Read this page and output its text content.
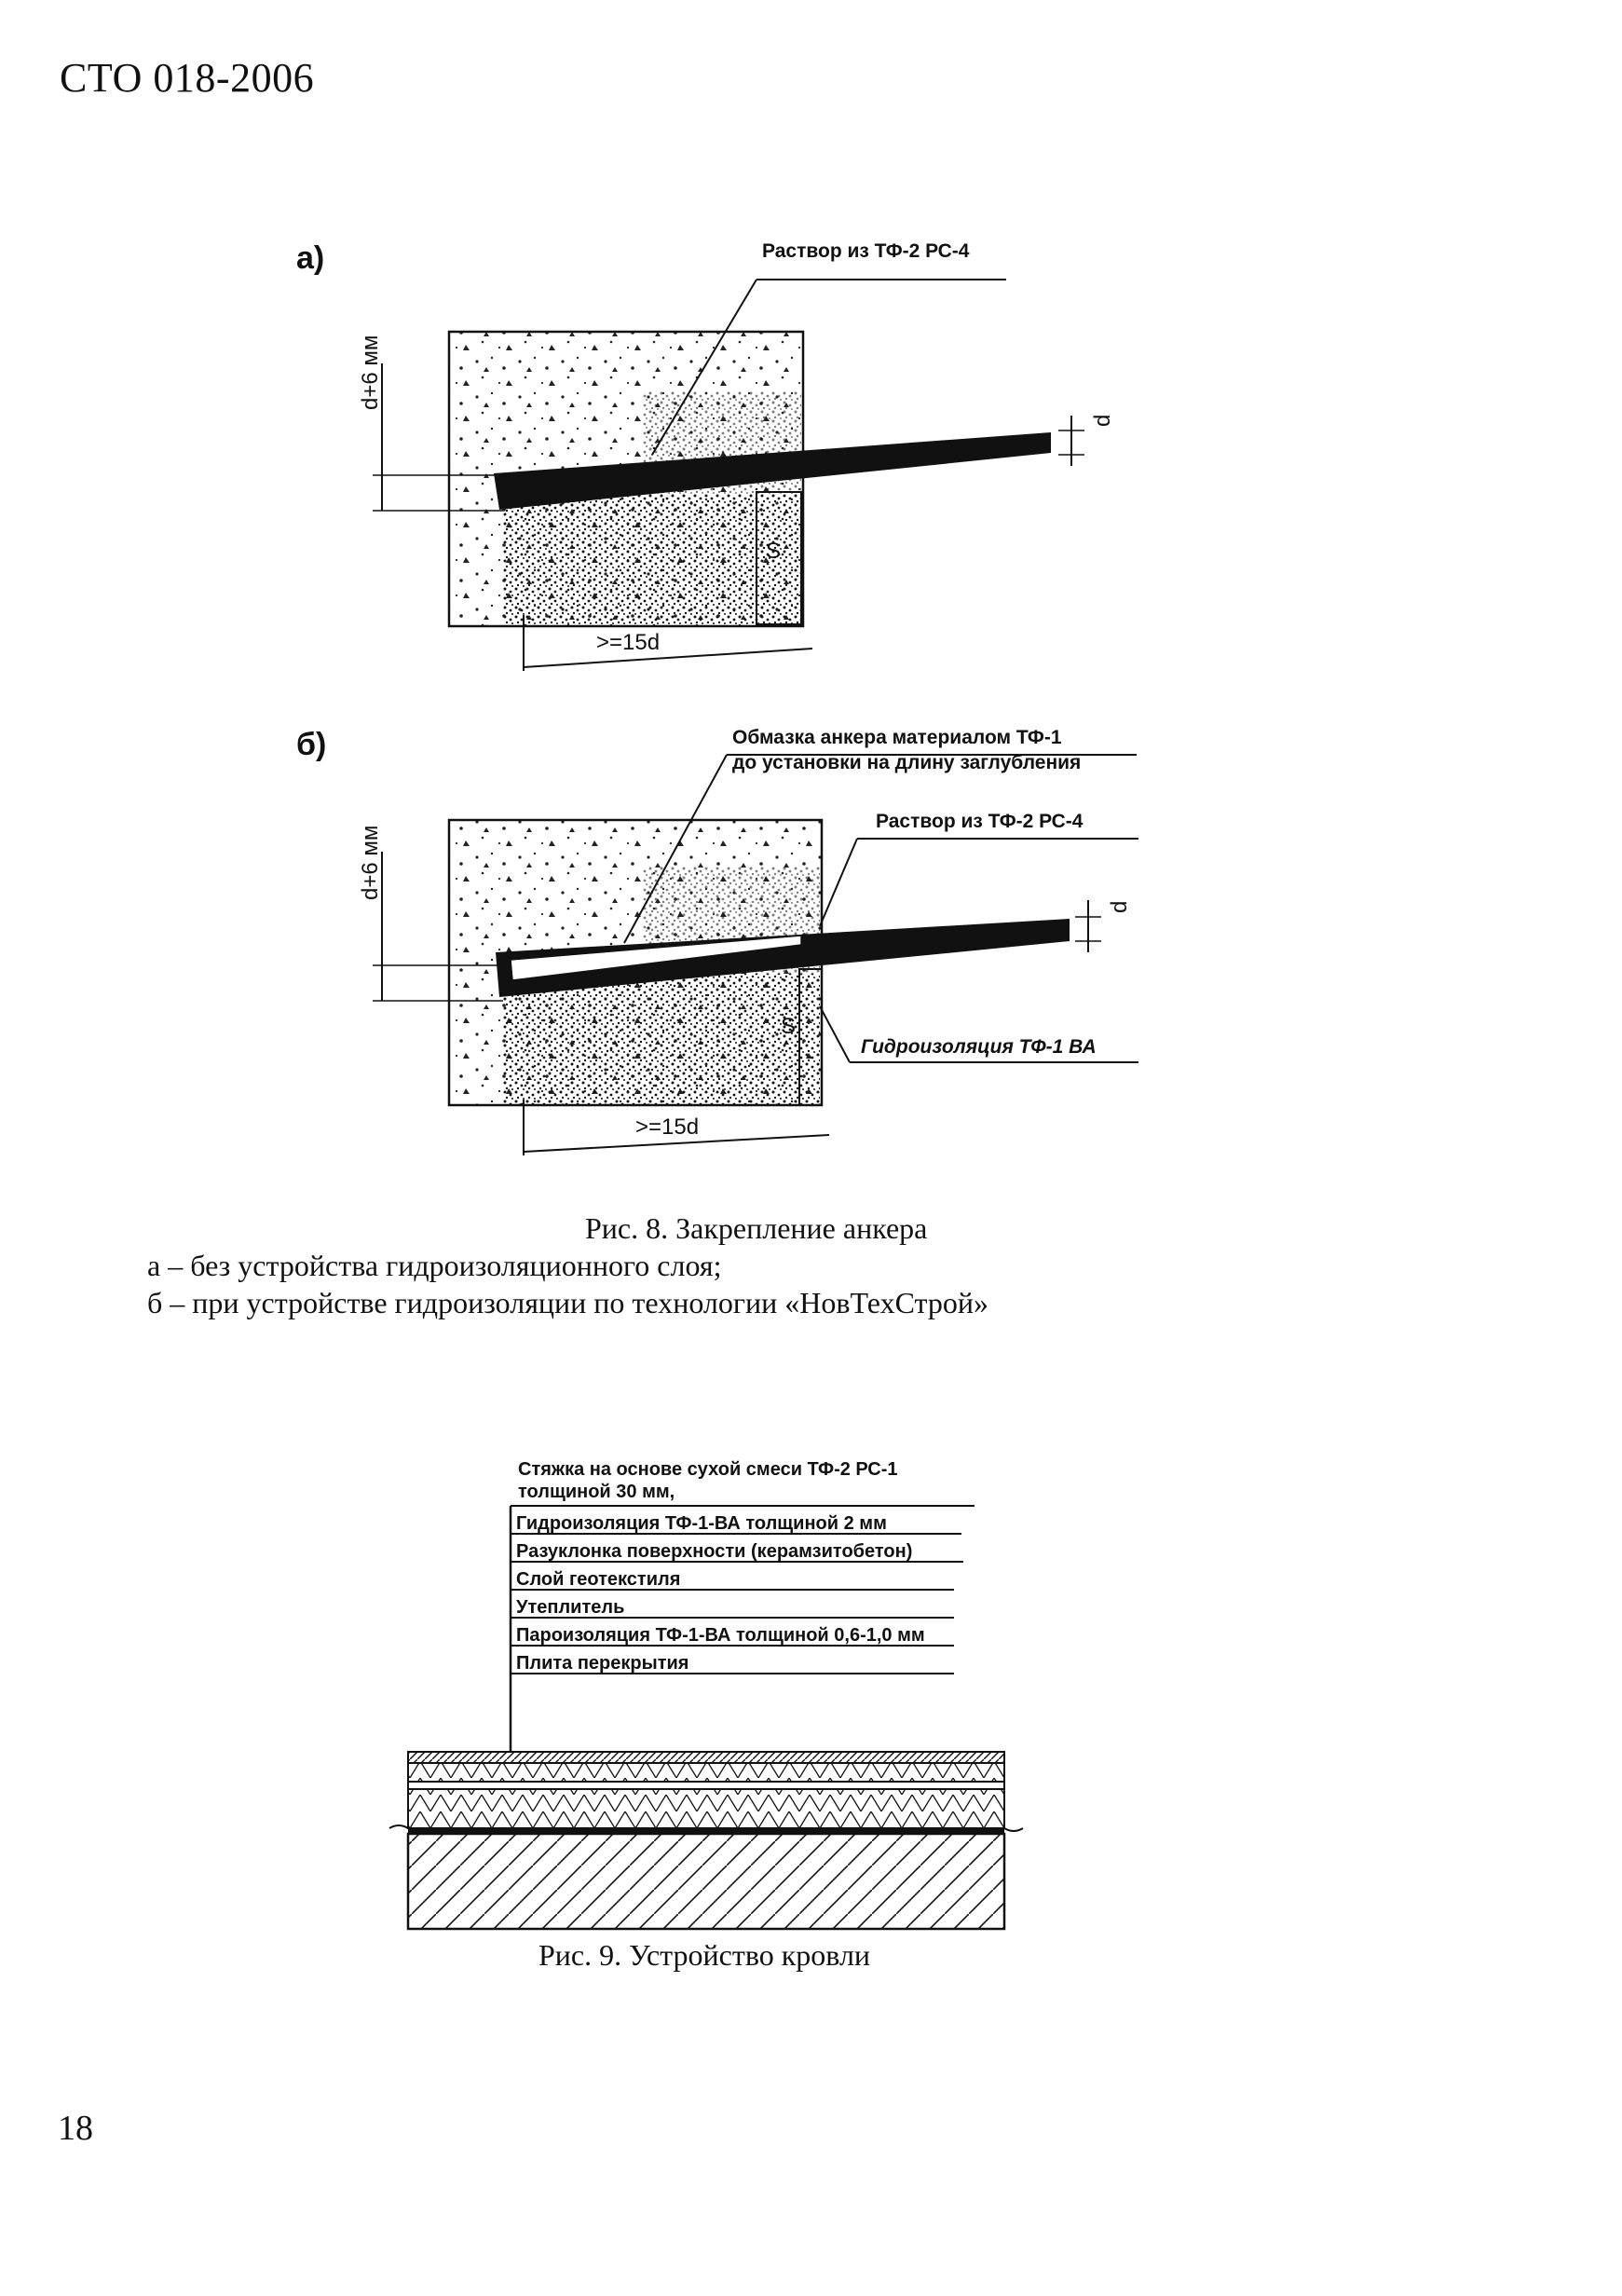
СТО 018-2006
а)	Раствор из ТФ-2 РС-4
d+6 мм
d
S
>=15d
б)	Обмазка анкера материалом ТФ-1
до установки на длину заглубления
Раствор из ТФ-2 РС-4
Гидроизоляция ТФ-1 ВА
d+6 мм
d
S
>=15d
Рис. 8. Закрепление анкера
а – без устройства гидроизоляционного слоя;
б – при устройстве гидроизоляции по технологии «НовТехСтрой»
Стяжка на основе сухой смеси ТФ-2 РС-1
толщиной 30 мм,
Гидроизоляция ТФ-1-ВА толщиной 2 мм
Разуклонка поверхности (керамзитобетон)
Слой геотекстиля
Утеплитель
Пароизоляция ТФ-1-ВА толщиной 0,6-1,0 мм
Плита перекрытия
Рис. 9. Устройство кровли
18
